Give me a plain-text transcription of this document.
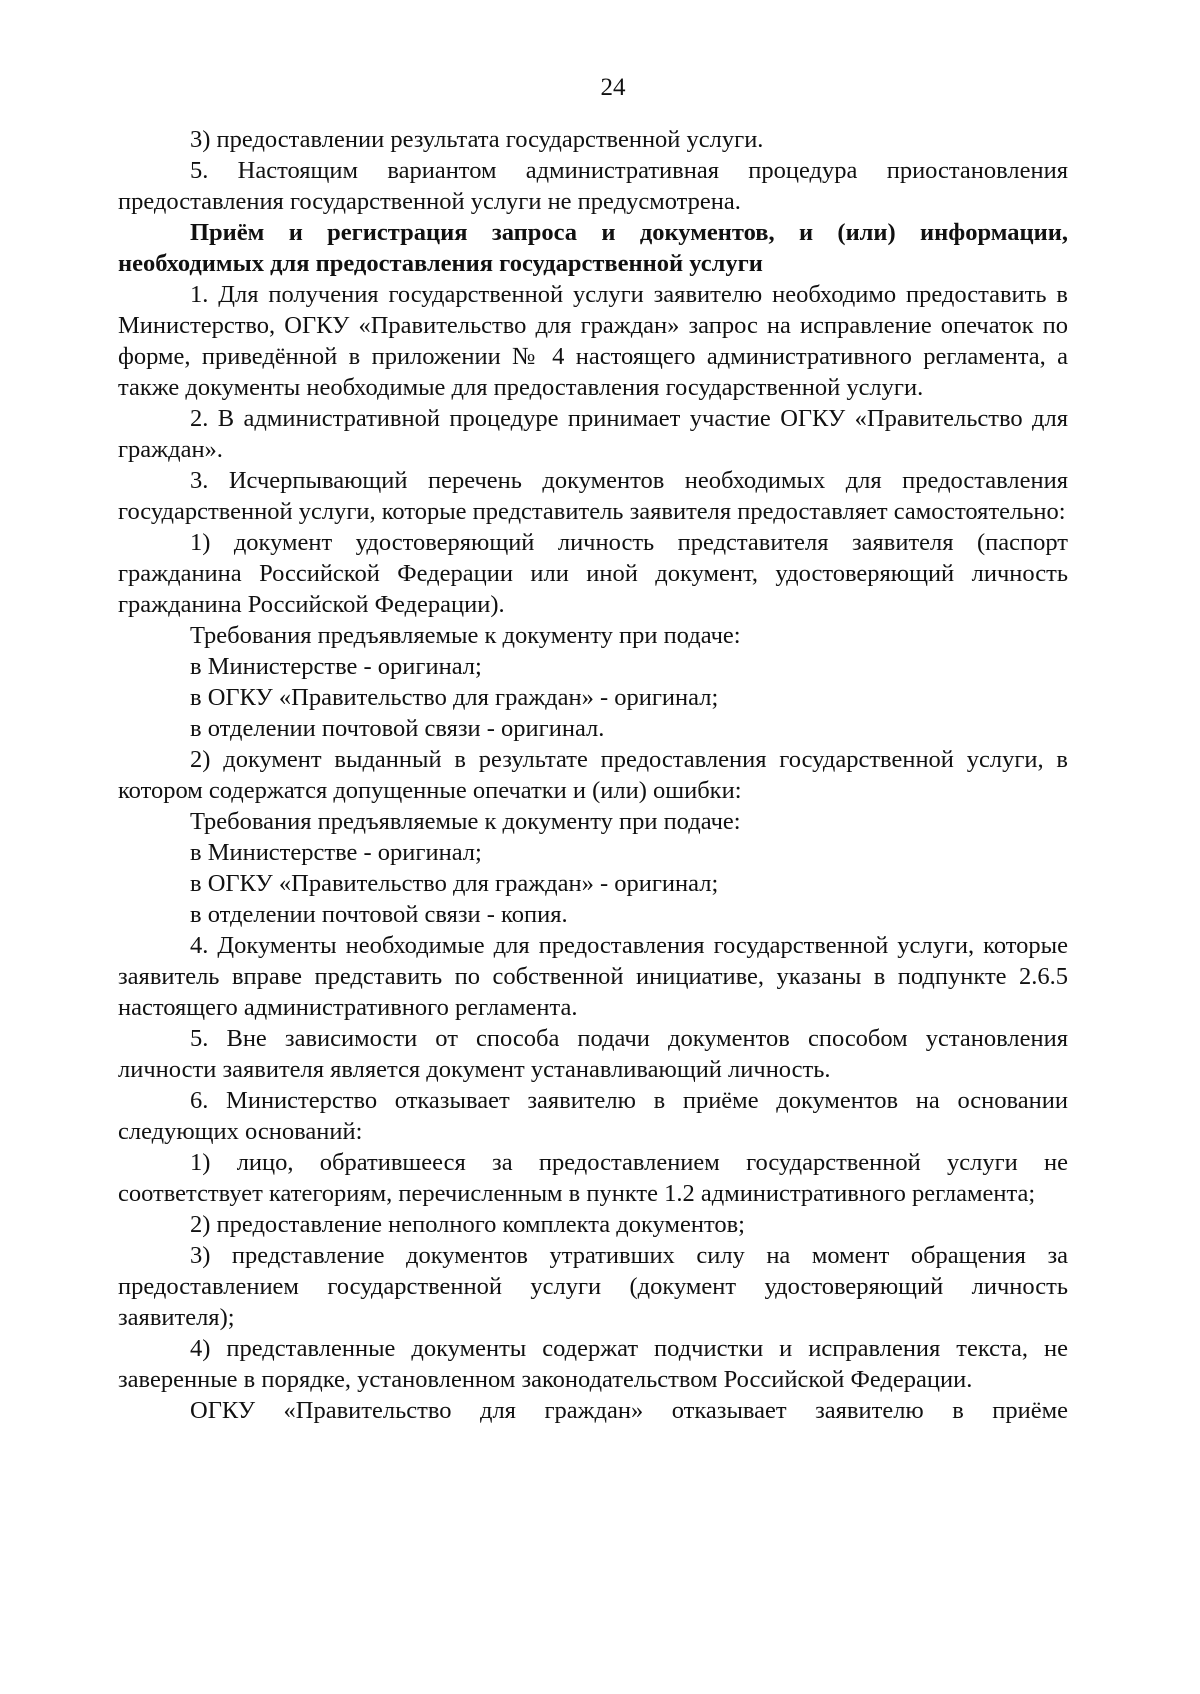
24

3) предоставлении результата государственной услуги.

5. Настоящим вариантом административная процедура приостановления предоставления государственной услуги не предусмотрена.

Приём и регистрация запроса и документов, и (или) информации,
необходимых для предоставления государственной услуги

1. Для получения государственной услуги заявителю необходимо предоставить в Министерство, ОГКУ «Правительство для граждан» запрос на исправление опечаток по форме, приведённой в приложении № 4 настоящего административного регламента, а также документы необходимые для предоставления государственной услуги.

2. В административной процедуре принимает участие ОГКУ «Правительство для граждан».

3. Исчерпывающий перечень документов необходимых для предоставления государственной услуги, которые представитель заявителя предоставляет самостоятельно:

1) документ удостоверяющий личность представителя заявителя (паспорт гражданина Российской Федерации или иной документ, удостоверяющий личность гражданина Российской Федерации).

Требования предъявляемые к документу при подаче:

в Министерстве - оригинал;

в ОГКУ «Правительство для граждан» - оригинал;

в отделении почтовой связи - оригинал.

2) документ выданный в результате предоставления государственной услуги, в котором содержатся допущенные опечатки и (или) ошибки:

Требования предъявляемые к документу при подаче:

в Министерстве - оригинал;

в ОГКУ «Правительство для граждан» - оригинал;

в отделении почтовой связи - копия.

4. Документы необходимые для предоставления государственной услуги, которые заявитель вправе представить по собственной инициативе, указаны в подпункте 2.6.5 настоящего административного регламента.

5. Вне зависимости от способа подачи документов способом установления личности заявителя является документ устанавливающий личность.

6. Министерство отказывает заявителю в приёме документов на основании следующих оснований:

1) лицо, обратившееся за предоставлением государственной услуги не соответствует категориям, перечисленным в пункте 1.2 административного регламента;

2) предоставление неполного комплекта документов;

3) представление документов утративших силу на момент обращения за предоставлением государственной услуги (документ удостоверяющий личность заявителя);

4) представленные документы содержат подчистки и исправления текста, не заверенные в порядке, установленном законодательством Российской Федерации.

ОГКУ «Правительство для граждан» отказывает заявителю в приёме
